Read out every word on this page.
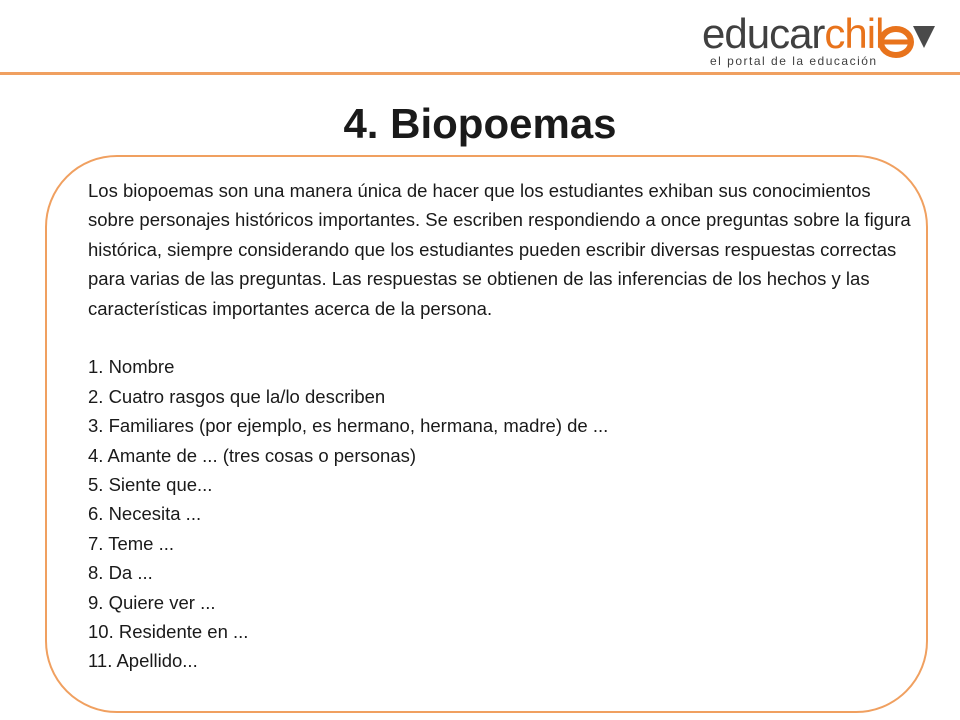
educarchil
el portal de la educación
4. Biopoemas

Los biopoemas son una manera única de hacer que los estudiantes exhiban sus conocimientos sobre personajes históricos importantes. Se escriben respondiendo a once preguntas sobre la figura histórica, siempre considerando que los estudiantes pueden escribir diversas respuestas correctas para varias de las preguntas. Las respuestas se obtienen de las inferencias de los hechos y las características importantes acerca de la persona.

1. Nombre
2. Cuatro rasgos que la/lo describen
3. Familiares (por ejemplo, es hermano, hermana, madre) de ...
4. Amante de ... (tres cosas o personas)
5. Siente que...
6. Necesita ...
7. Teme ...
8. Da ...
9. Quiere ver ...
10. Residente en ...
11. Apellido...
